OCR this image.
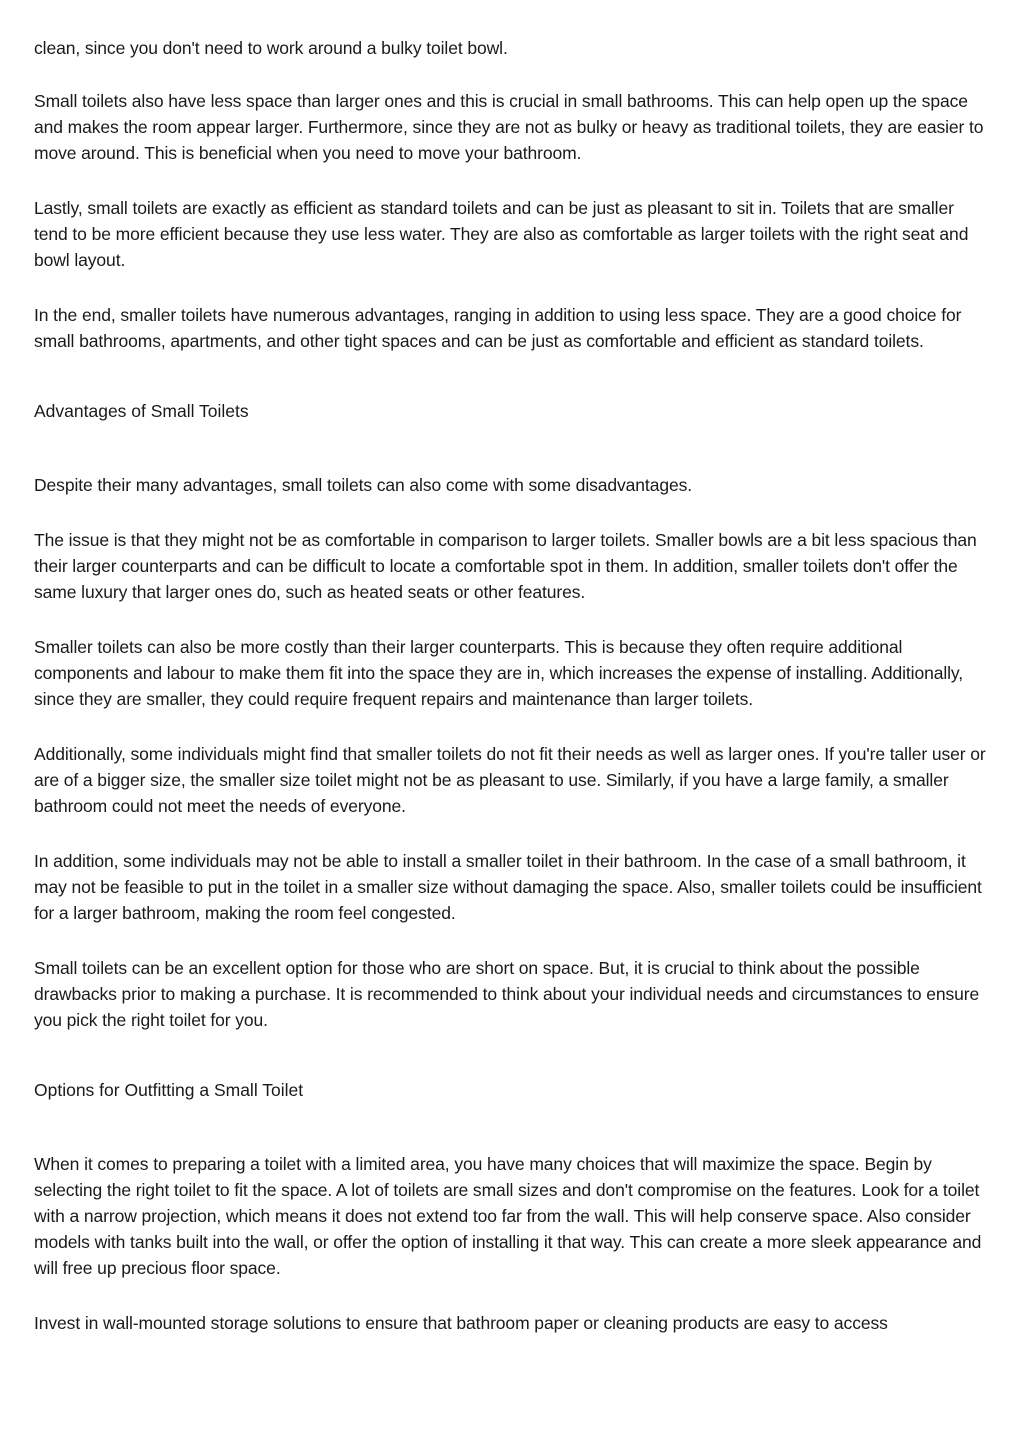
clean, since you don't need to work around a bulky toilet bowl.

Small toilets also have less space than larger ones and this is crucial in small bathrooms. This can help open up the space and makes the room appear larger. Furthermore, since they are not as bulky or heavy as traditional toilets, they are easier to move around. This is beneficial when you need to move your bathroom.

Lastly, small toilets are exactly as efficient as standard toilets and can be just as pleasant to sit in. Toilets that are smaller tend to be more efficient because they use less water. They are also as comfortable as larger toilets with the right seat and bowl layout.

In the end, smaller toilets have numerous advantages, ranging in addition to using less space. They are a good choice for small bathrooms, apartments, and other tight spaces and can be just as comfortable and efficient as standard toilets.

Advantages of Small Toilets

Despite their many advantages, small toilets can also come with some disadvantages.

The issue is that they might not be as comfortable in comparison to larger toilets. Smaller bowls are a bit less spacious than their larger counterparts and can be difficult to locate a comfortable spot in them. In addition, smaller toilets don't offer the same luxury that larger ones do, such as heated seats or other features.

Smaller toilets can also be more costly than their larger counterparts. This is because they often require additional components and labour to make them fit into the space they are in, which increases the expense of installing. Additionally, since they are smaller, they could require frequent repairs and maintenance than larger toilets.

Additionally, some individuals might find that smaller toilets do not fit their needs as well as larger ones. If you're taller user or are of a bigger size, the smaller size toilet might not be as pleasant to use. Similarly, if you have a large family, a smaller bathroom could not meet the needs of everyone.

In addition, some individuals may not be able to install a smaller toilet in their bathroom. In the case of a small bathroom, it may not be feasible to put in the toilet in a smaller size without damaging the space. Also, smaller toilets could be insufficient for a larger bathroom, making the room feel congested.

Small toilets can be an excellent option for those who are short on space. But, it is crucial to think about the possible drawbacks prior to making a purchase. It is recommended to think about your individual needs and circumstances to ensure you pick the right toilet for you.

Options for Outfitting a Small Toilet

When it comes to preparing a toilet with a limited area, you have many choices that will maximize the space. Begin by selecting the right toilet to fit the space. A lot of toilets are small sizes and don't compromise on the features. Look for a toilet with a narrow projection, which means it does not extend too far from the wall. This will help conserve space. Also consider models with tanks built into the wall, or offer the option of installing it that way. This can create a more sleek appearance and will free up precious floor space.

Invest in wall-mounted storage solutions to ensure that bathroom paper or cleaning products are easy to access
